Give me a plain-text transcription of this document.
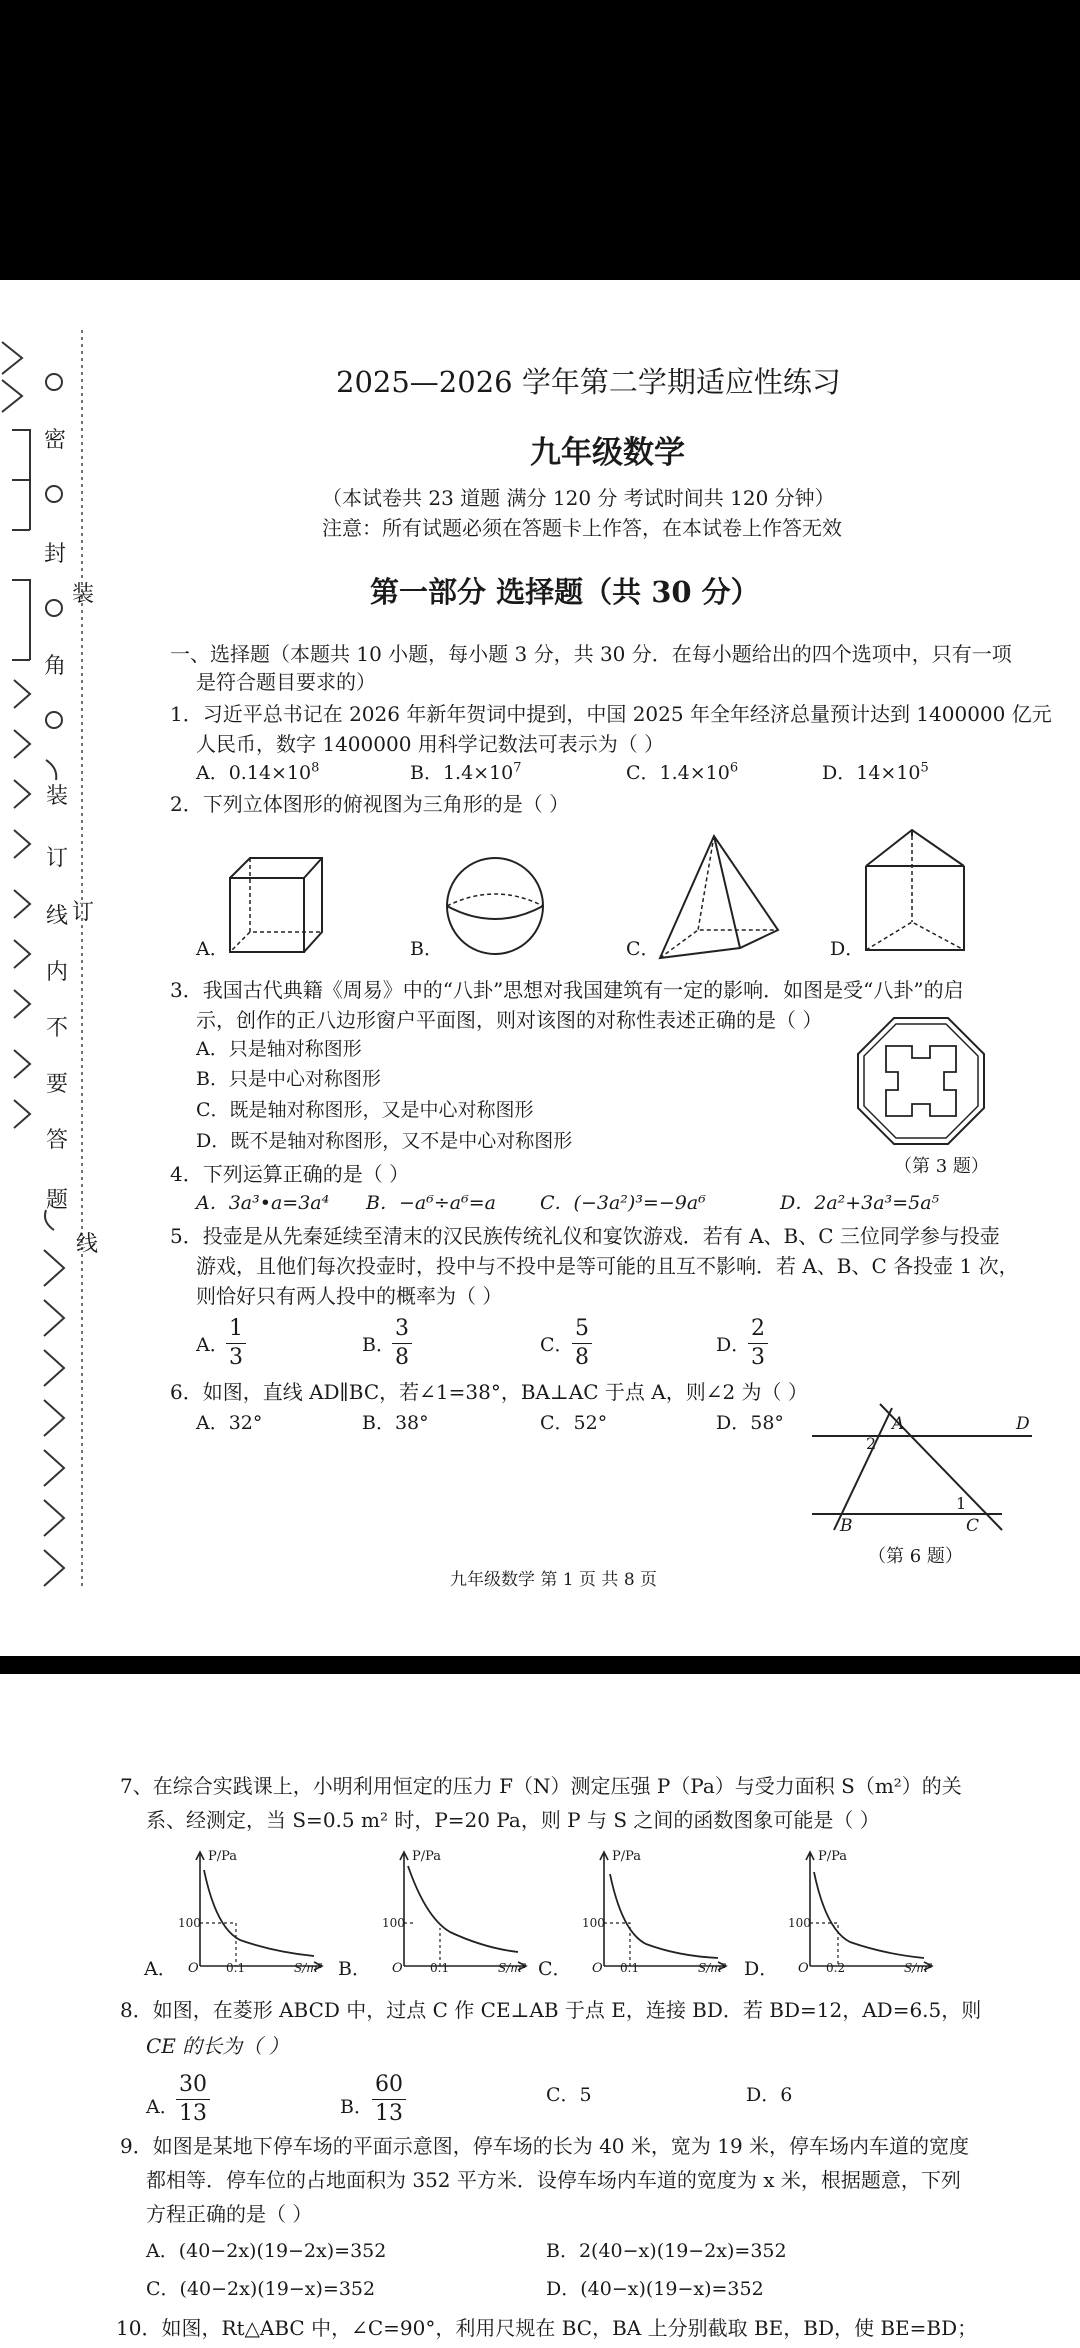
密
封
角
装
装
订
线
内
不
要
答
题
订
线
2025—2026 学年第二学期适应性练习
九年级数学
（本试卷共 23 道题 满分 120 分 考试时间共 120 分钟）
注意：所有试题必须在答题卡上作答，在本试卷上作答无效
第一部分 选择题（共 30 分）
一、选择题（本题共 10 小题，每小题 3 分，共 30 分．在每小题给出的四个选项中，只有一项
是符合题目要求的）
1．习近平总书记在 2026 年新年贺词中提到，中国 2025 年全年经济总量预计达到 1400000 亿元
人民币，数字 1400000 用科学记数法可表示为（ ）
A．$0.14\times 10^8$	B．$1.4\times 10^7$	C．$1.4\times 10^6$	D．$14\times 10^5$
2．下列立体图形的俯视图为三角形的是（ ）
A．	B．	C．	D．
3．我国古代典籍《周易》中的“八卦”思想对我国建筑有一定的影响．如图是受“八卦”的启
示，创作的正八边形窗户平面图，则对该图的对称性表述正确的是（ ）
A．只是轴对称图形
B．只是中心对称图形
C．既是轴对称图形，又是中心对称图形
D．既不是轴对称图形，又不是中心对称图形
（第 3 题）
4．下列运算正确的是（ ）
A．3a³•a=3a⁴ B．−a⁶÷a⁶=a C．(−3a²)³=−9a⁶	D．2a²+3a³=5a⁵
5．投壶是从先秦延续至清末的汉民族传统礼仪和宴饮游戏．若有 A、B、C 三位同学参与投壶
游戏，且他们每次投壶时，投中与不投中是等可能的且互不影响．若 A、B、C 各投壶 1 次，
则恰好只有两人投中的概率为（ ）
A．
$\frac{1}{3}$	B．
$\frac{3}{8}$	C．
$\frac{5}{8}$	D．
$\frac{2}{3}$
6．如图，直线 AD∥BC，若∠1=38°，BA⊥AC 于点 A，则∠2 为（ ）
A．32°	B．38°	C．52°	D．58°	A	D
B	C
1
2
（第 6 题）
九年级数学 第 1 页 共 8 页
7、在综合实践课上，小明利用恒定的压力 F（N）测定压强 P（Pa）与受力面积 S（m²）的关
系、经测定，当 S=0.5 m² 时，P=20 Pa，则 P 与 S 之间的函数图象可能是（ ）
A．
P/Pa
100
O 0.1	S/m² B．
P/Pa
100
O 0.1	S/m² C．
P/Pa
100
O 0.1	S/m² D．
P/Pa
100
O 0.2	S/m²
8．如图，在菱形 ABCD 中，过点 C 作 CE⊥AB 于点 E，连接 BD．若 BD=12，AD=6.5，则
CE 的长为（ ）
A．
$\frac{30}{13}$	B． $\frac{60}{13}$	C．5	D．6
9．如图是某地下停车场的平面示意图，停车场的长为 40 米，宽为 19 米，停车场内车道的宽度
都相等．停车位的占地面积为 352 平方米．设停车场内车道的宽度为 x 米，根据题意，下列
方程正确的是（ ）
A．(40−2x)(19−2x)=352	B．2(40−x)(19−2x)=352
C．(40−2x)(19−x)=352	D．(40−x)(19−x)=352
10．如图，Rt△ABC 中，∠C=90°，利用尺规在 BC，BA 上分别截取 BE，BD，使 BE=BD；
